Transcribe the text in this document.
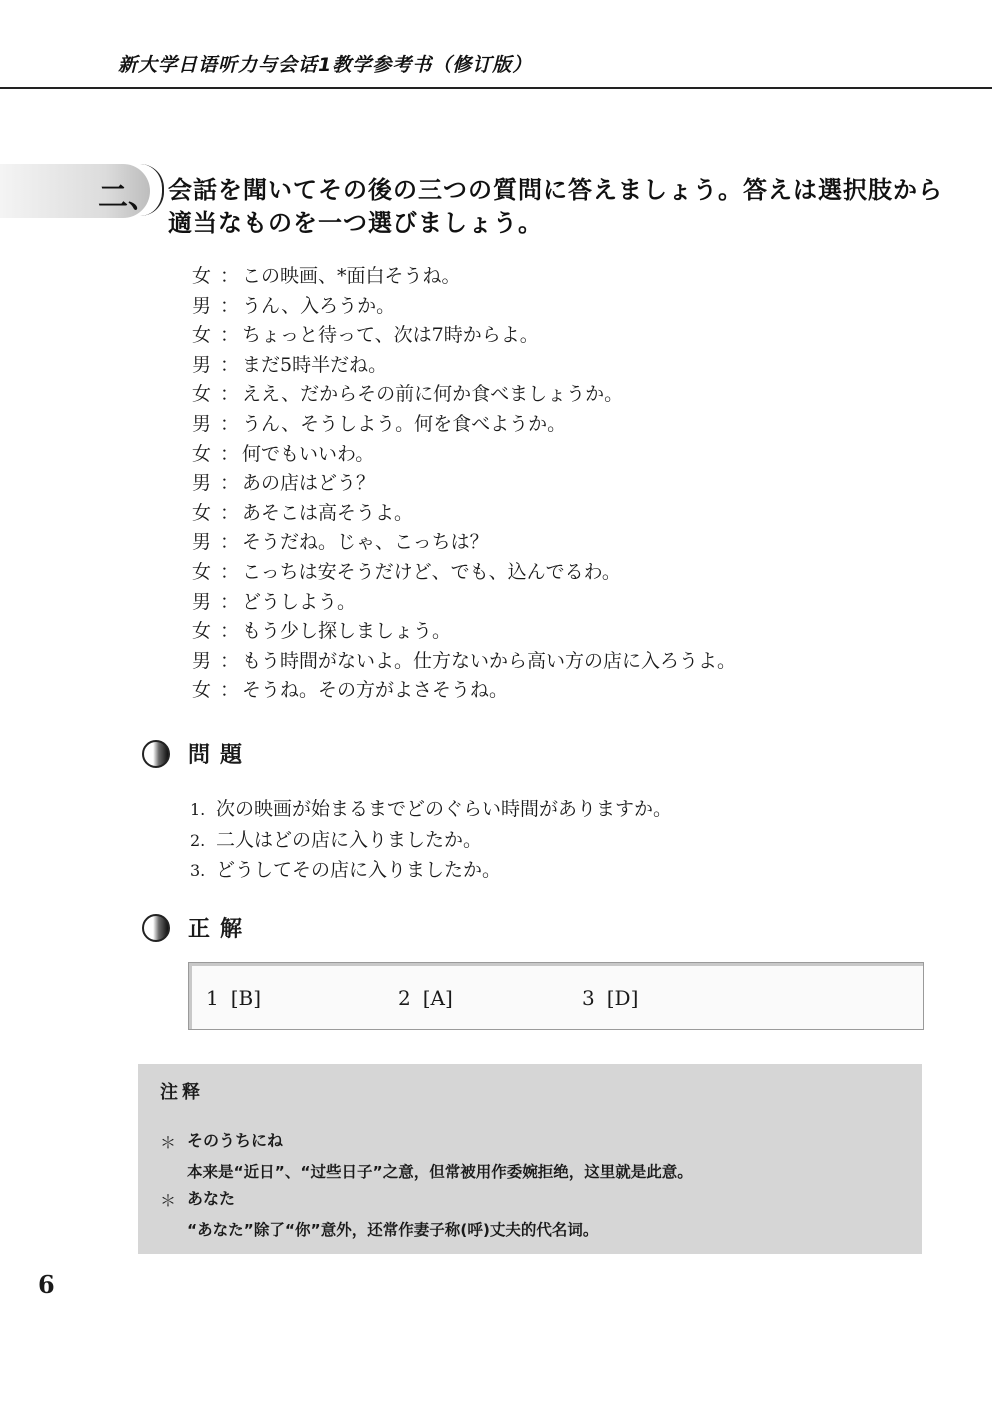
新大学日语听力与会话1教学参考书（修订版）
二、 会話を聞いてその後の三つの質問に答えましょう。答えは選択肢から適当なものを一つ選びましょう。
女 ： この映画、*面白そうね。
男 ： うん、入ろうか。
女 ： ちょっと待って、次は7時からよ。
男 ： まだ5時半だね。
女 ： ええ、だからその前に何か食べましょうか。
男 ： うん、そうしよう。何を食べようか。
女 ： 何でもいいわ。
男 ： あの店はどう？
女 ： あそこは高そうよ。
男 ： そうだね。じゃ、こっちは？
女 ： こっちは安そうだけど、でも、込んでるわ。
男 ： どうしよう。
女 ： もう少し探しましょう。
男 ： もう時間がないよ。仕方ないから高い方の店に入ろうよ。
女 ： そうね。その方がよさそうね。
問題
1. 次の映画が始まるまでどのぐらい時間がありますか。
2. 二人はどの店に入りましたか。
3. どうしてその店に入りましたか。
正解
1 [B]	2 [A]	3 [D]
注释
＊ そのうちにね
本来是“近日”、“过些日子”之意，但常被用作委婉拒绝，这里就是此意。
＊ あなた
“あなた”除了“你”意外，还常作妻子称(呼)丈夫的代名词。
6
